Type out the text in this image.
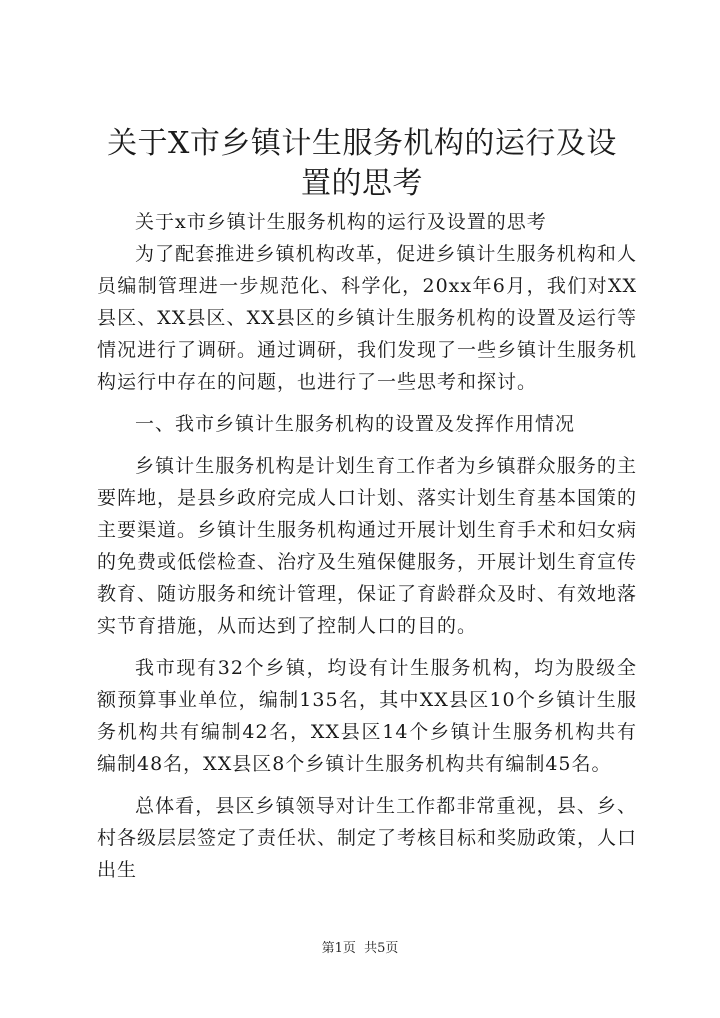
关于X市乡镇计生服务机构的运行及设置的思考

关于x市乡镇计生服务机构的运行及设置的思考

为了配套推进乡镇机构改革，促进乡镇计生服务机构和人员编制管理进一步规范化、科学化，20xx年6月，我们对XX县区、XX县区、XX县区的乡镇计生服务机构的设置及运行等情况进行了调研。通过调研，我们发现了一些乡镇计生服务机构运行中存在的问题，也进行了一些思考和探讨。

一、我市乡镇计生服务机构的设置及发挥作用情况

乡镇计生服务机构是计划生育工作者为乡镇群众服务的主要阵地，是县乡政府完成人口计划、落实计划生育基本国策的主要渠道。乡镇计生服务机构通过开展计划生育手术和妇女病的免费或低偿检查、治疗及生殖保健服务，开展计划生育宣传教育、随访服务和统计管理，保证了育龄群众及时、有效地落实节育措施，从而达到了控制人口的目的。

我市现有32个乡镇，均设有计生服务机构，均为股级全额预算事业单位，编制135名，其中XX县区10个乡镇计生服务机构共有编制42名，XX县区14个乡镇计生服务机构共有编制48名，XX县区8个乡镇计生服务机构共有编制45名。

总体看，县区乡镇领导对计生工作都非常重视，县、乡、村各级层层签定了责任状、制定了考核目标和奖励政策，人口出生

第1页 共5页
